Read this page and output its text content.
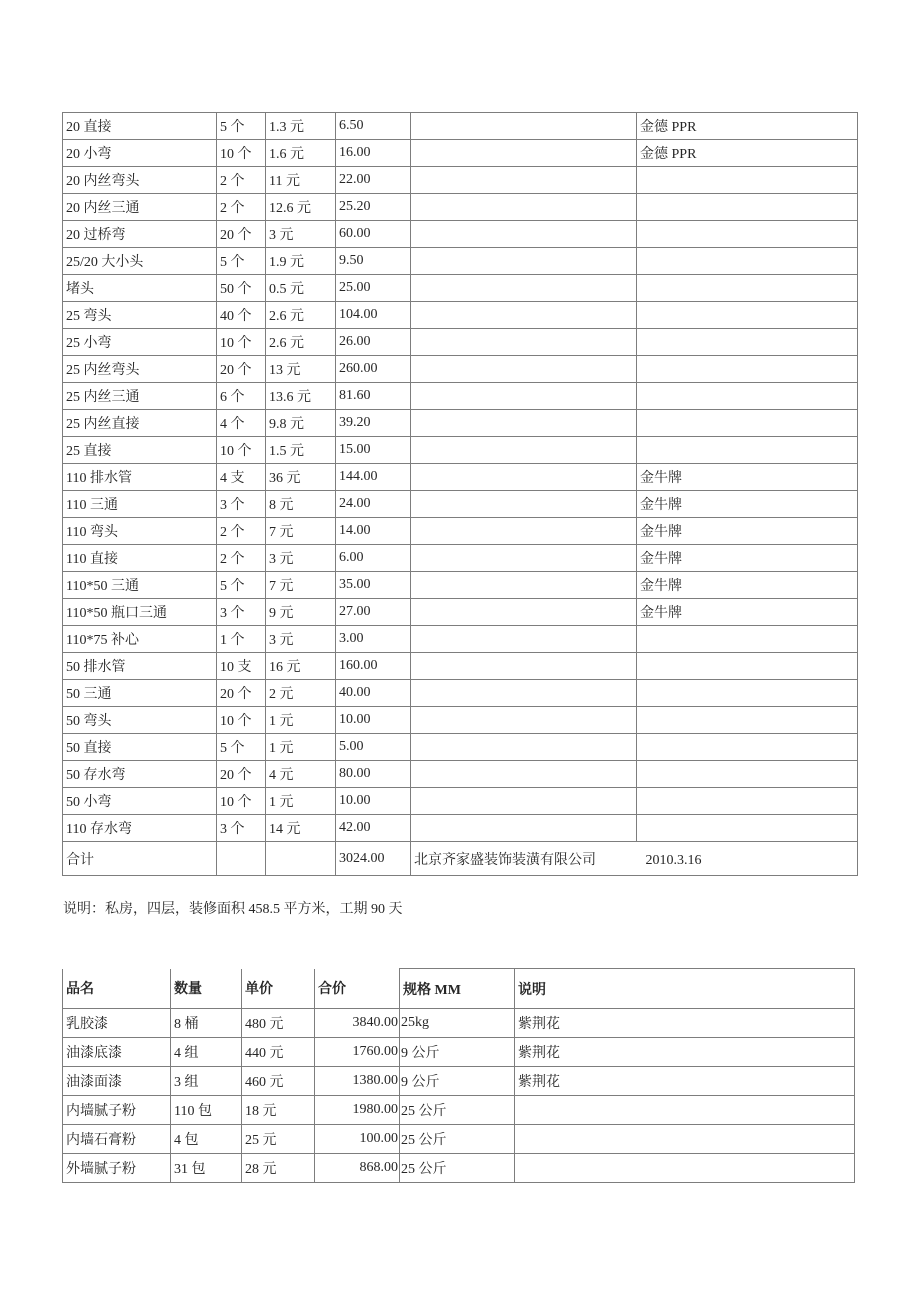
20 直接	5 个	1.3 元	6.50		金德 PPR
20 小弯	10 个	1.6 元	16.00		金德 PPR
20 内丝弯头	2 个	11 元	22.00		
20 内丝三通	2 个	12.6 元	25.20		
20 过桥弯	20 个	3 元	60.00		
25/20 大小头	5 个	1.9 元	9.50		
堵头	50 个	0.5 元	25.00		
25 弯头	40 个	2.6 元	104.00		
25 小弯	10 个	2.6 元	26.00		
25 内丝弯头	20 个	13 元	260.00		
25 内丝三通	6 个	13.6 元	81.60		
25 内丝直接	4 个	9.8 元	39.20		
25 直接	10 个	1.5 元	15.00		
110 排水管	4 支	36 元	144.00		金牛牌
110 三通	3 个	8 元	24.00		金牛牌
110 弯头	2 个	7 元	14.00		金牛牌
110 直接	2 个	3 元	6.00		金牛牌
110*50 三通	5 个	7 元	35.00		金牛牌
110*50 瓶口三通	3 个	9 元	27.00		金牛牌
110*75 补心	1 个	3 元	3.00		
50 排水管	10 支	16 元	160.00		
50 三通	20 个	2 元	40.00		
50 弯头	10 个	1 元	10.00		
50 直接	5 个	1 元	5.00		
50 存水弯	20 个	4 元	80.00		
50 小弯	10 个	1 元	10.00		
110 存水弯	3 个	14 元	42.00		
合计			3024.00	北京齐家盛装饰装潢有限公司 2010.3.16	
说明：私房，四层，装修面积 458.5 平方米，工期 90 天
品名	数量	单价	合价	规格 MM	说明
乳胶漆	8 桶	480 元	3840.00	25kg	紫荆花
油漆底漆	4 组	440 元	1760.00	9 公斤	紫荆花
油漆面漆	3 组	460 元	1380.00	9 公斤	紫荆花
内墙腻子粉	110 包	18 元	1980.00	25 公斤	
内墙石膏粉	4 包	25 元	100.00	25 公斤	
外墙腻子粉	31 包	28 元	868.00	25 公斤	
